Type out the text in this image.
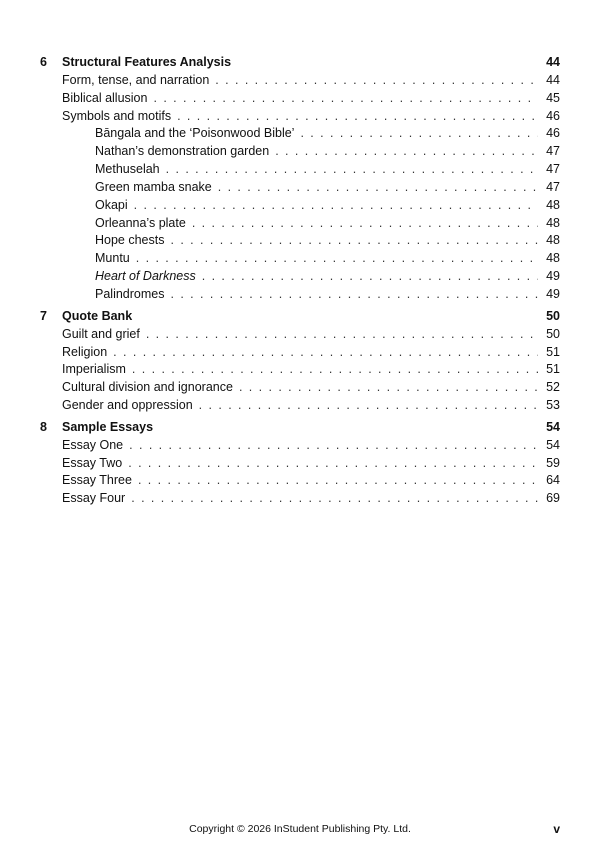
6	Structural Features Analysis	44
Form, tense, and narration . . .	44
Biblical allusion . . .	45
Symbols and motifs . . .	46
Bāngala and the ‘Poisonwood Bible’ . . .	46
Nathan’s demonstration garden . . .	47
Methuselah . . .	47
Green mamba snake . . .	47
Okapi . . .	48
Orleanna’s plate . . .	48
Hope chests . . .	48
Muntu . . .	48
Heart of Darkness . . .	49
Palindromes . . .	49
7	Quote Bank	50
Guilt and grief . . .	50
Religion . . .	51
Imperialism . . .	51
Cultural division and ignorance . . .	52
Gender and oppression . . .	53
8	Sample Essays	54
Essay One . . .	54
Essay Two . . .	59
Essay Three . . .	64
Essay Four . . .	69
Copyright © 2026 InStudent Publishing Pty. Ltd.	v
